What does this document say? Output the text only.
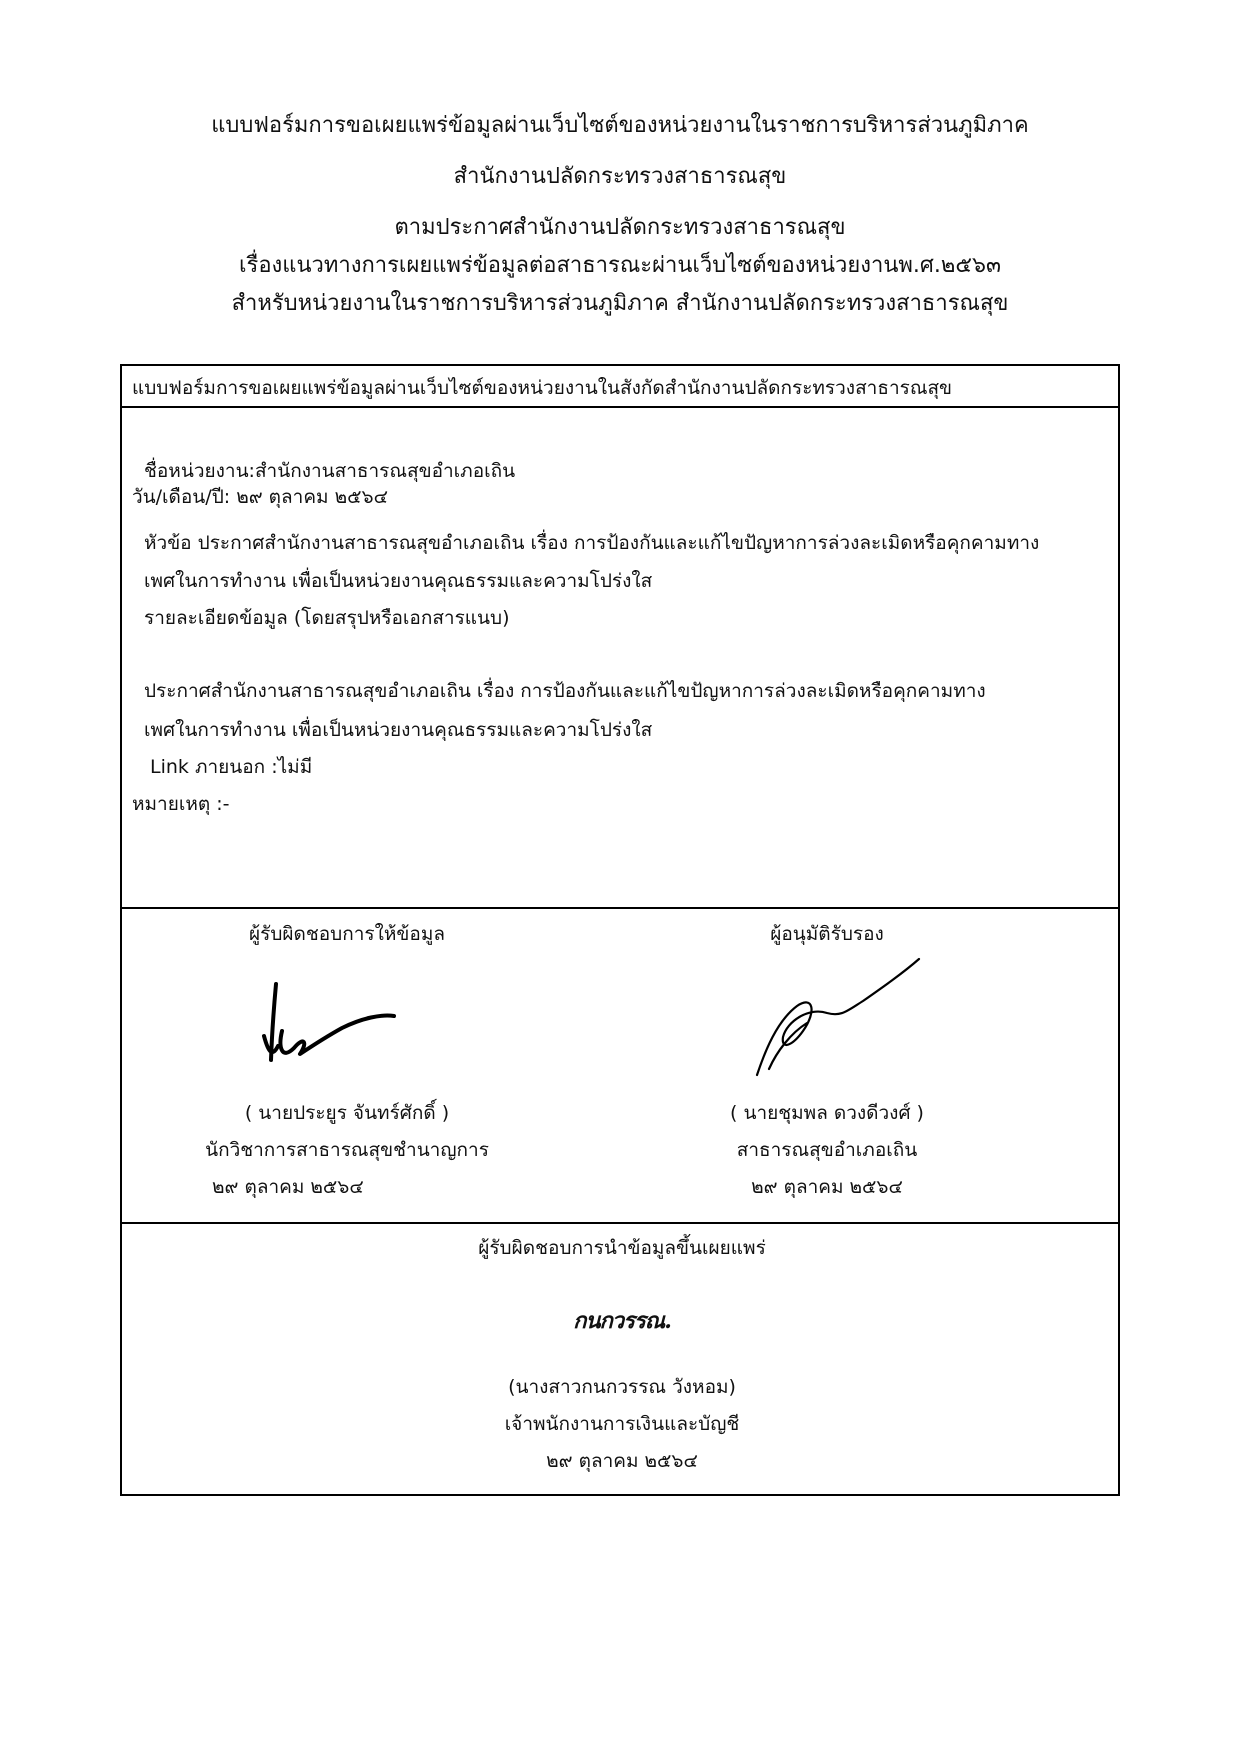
แบบฟอร์มการขอเผยแพร่ข้อมูลผ่านเว็บไซต์ของหน่วยงานในราชการบริหารส่วนภูมิภาค
สำนักงานปลัดกระทรวงสาธารณสุข
ตามประกาศสำนักงานปลัดกระทรวงสาธารณสุข
เรื่องแนวทางการเผยแพร่ข้อมูลต่อสาธารณะผ่านเว็บไซต์ของหน่วยงานพ.ศ.๒๕๖๓
สำหรับหน่วยงานในราชการบริหารส่วนภูมิภาค สำนักงานปลัดกระทรวงสาธารณสุข
แบบฟอร์มการขอเผยแพร่ข้อมูลผ่านเว็บไซต์ของหน่วยงานในสังกัดสำนักงานปลัดกระทรวงสาธารณสุข
ชื่อหน่วยงาน:สำนักงานสาธารณสุขอำเภอเถิน
วัน/เดือน/ปี: ๒๙ ตุลาคม ๒๕๖๔
หัวข้อ ประกาศสำนักงานสาธารณสุขอำเภอเถิน เรื่อง การป้องกันและแก้ไขปัญหาการล่วงละเมิดหรือคุกคามทาง
เพศในการทำงาน เพื่อเป็นหน่วยงานคุณธรรมและความโปร่งใส
รายละเอียดข้อมูล (โดยสรุปหรือเอกสารแนบ)
ประกาศสำนักงานสาธารณสุขอำเภอเถิน เรื่อง การป้องกันและแก้ไขปัญหาการล่วงละเมิดหรือคุกคามทาง
เพศในการทำงาน เพื่อเป็นหน่วยงานคุณธรรมและความโปร่งใส
Link ภายนอก :ไม่มี
หมายเหตุ :-
ผู้รับผิดชอบการให้ข้อมูล
( นายประยูร จันทร์ศักดิ์ )
นักวิชาการสาธารณสุขชำนาญการ
๒๙ ตุลาคม ๒๕๖๔
ผู้อนุมัติรับรอง
( นายชุมพล ดวงดีวงศ์ )
สาธารณสุขอำเภอเถิน
๒๙ ตุลาคม ๒๕๖๔
ผู้รับผิดชอบการนำข้อมูลขึ้นเผยแพร่
กนกวรรณ.
(นางสาวกนกวรรณ วังหอม)
เจ้าพนักงานการเงินและบัญชี
๒๙ ตุลาคม ๒๕๖๔
